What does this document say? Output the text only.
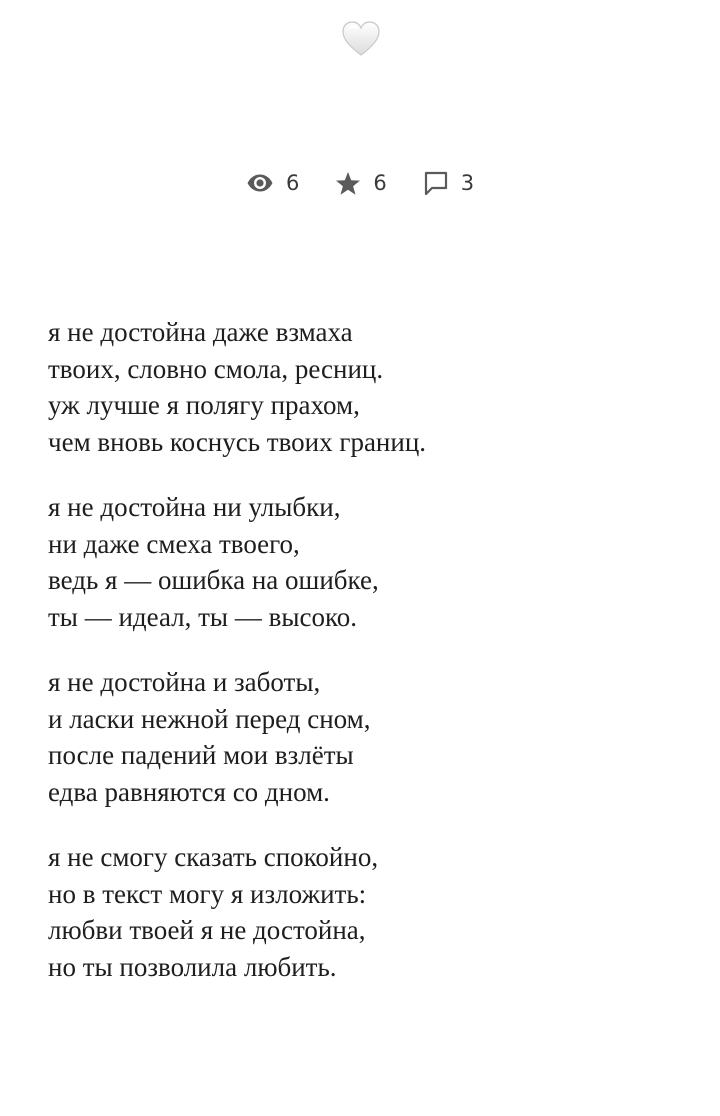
6	6	3
я не достойна даже взмаха
твоих, словно смола, ресниц.
уж лучше я полягу прахом,
чем вновь коснусь твоих границ.
я не достойна ни улыбки,
ни даже смеха твоего,
ведь я — ошибка на ошибке,
ты — идеал, ты — высоко.
я не достойна и заботы,
и ласки нежной перед сном,
после падений мои взлёты
едва равняются со дном.
я не смогу сказать спокойно,
но в текст могу я изложить:
любви твоей я не достойна,
но ты позволила любить.
